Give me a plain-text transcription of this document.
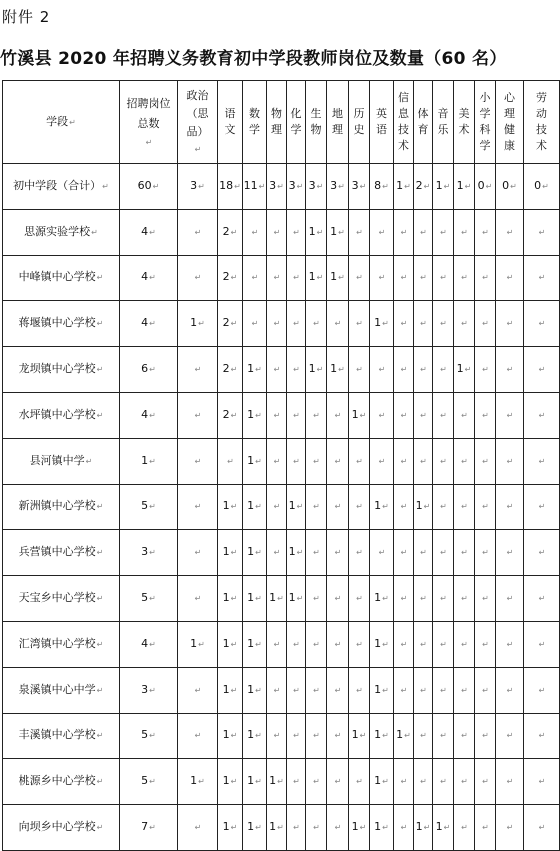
附件 2
竹溪县 2020 年招聘义务教育初中学段教师岗位及数量（60 名）
学段↵	招聘岗位总数↵	政治（思品）↵	语文	数学	物理	化学	生物	地理	历史	英语	信息技术	体育	音乐	美术	小学科学	心理健康	劳动技术
初中学段（合计）↵	60↵	3↵	18↵	11↵	3↵	3↵	3↵	3↵	3↵	8↵	1↵	2↵	1↵	1↵	0↵	0↵	0↵
思源实验学校↵	4↵	↵	2↵	↵	↵	↵	1↵	1↵	↵	↵	↵	↵	↵	↵	↵	↵	↵
中峰镇中心学校↵	4↵	↵	2↵	↵	↵	↵	1↵	1↵	↵	↵	↵	↵	↵	↵	↵	↵	↵
蒋堰镇中心学校↵	4↵	1↵	2↵	↵	↵	↵	↵	↵	↵	1↵	↵	↵	↵	↵	↵	↵	↵
龙坝镇中心学校↵	6↵	↵	2↵	1↵	↵	↵	1↵	1↵	↵	↵	↵	↵	↵	1↵	↵	↵	↵
水坪镇中心学校↵	4↵	↵	2↵	1↵	↵	↵	↵	↵	1↵	↵	↵	↵	↵	↵	↵	↵	↵
县河镇中学↵	1↵	↵	↵	1↵	↵	↵	↵	↵	↵	↵	↵	↵	↵	↵	↵	↵	↵
新洲镇中心学校↵	5↵	↵	1↵	1↵	↵	1↵	↵	↵	↵	1↵	↵	1↵	↵	↵	↵	↵	↵
兵营镇中心学校↵	3↵	↵	1↵	1↵	↵	1↵	↵	↵	↵	↵	↵	↵	↵	↵	↵	↵	↵
天宝乡中心学校↵	5↵	↵	1↵	1↵	1↵	1↵	↵	↵	↵	1↵	↵	↵	↵	↵	↵	↵	↵
汇湾镇中心学校↵	4↵	1↵	1↵	1↵	↵	↵	↵	↵	↵	1↵	↵	↵	↵	↵	↵	↵	↵
泉溪镇中心中学↵	3↵	↵	1↵	1↵	↵	↵	↵	↵	↵	1↵	↵	↵	↵	↵	↵	↵	↵
丰溪镇中心学校↵	5↵	↵	1↵	1↵	↵	↵	↵	↵	1↵	1↵	1↵	↵	↵	↵	↵	↵	↵
桃源乡中心学校↵	5↵	1↵	1↵	1↵	1↵	↵	↵	↵	↵	1↵	↵	↵	↵	↵	↵	↵	↵
向坝乡中心学校↵	7↵	↵	1↵	1↵	1↵	↵	↵	↵	1↵	1↵	↵	1↵	1↵	↵	↵	↵	↵
